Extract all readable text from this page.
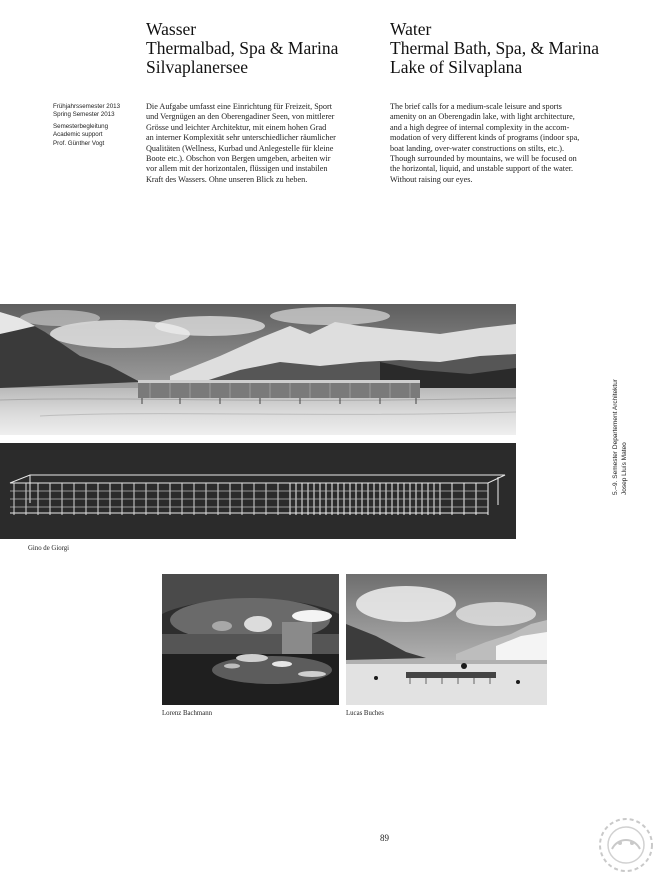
Wasser
Thermalbad, Spa & Marina
Silvaplanersee
Water
Thermal Bath, Spa, & Marina
Lake of Silvaplana
Frühjahrssemester 2013
Spring Semester 2013
Semesterbegleitung
Academic support
Prof. Günther Vogt
Die Aufgabe umfasst eine Einrichtung für Freizeit, Sport
und Vergnügen an den Oberengadiner Seen, von mittlerer
Grösse und leichter Architektur, mit einem hohen Grad
an interner Komplexität sehr unterschiedlicher räumlicher
Qualitäten (Wellness, Kurbad und Anlegestelle für kleine
Boote etc.). Obschon von Bergen umgeben, arbeiten wir
vor allem mit der horizontalen, flüssigen und instabilen
Kraft des Wassers. Ohne unseren Blick zu heben.
The brief calls for a medium-scale leisure and sports
amenity on an Oberengadin lake, with light architecture,
and a high degree of internal complexity in the accom-
modation of very different kinds of programs (indoor spa,
boat landing, over-water constructions on stilts, etc.).
Though surrounded by mountains, we will be focused on
the horizontal, liquid, and unstable support of the water.
Without raising our eyes.
Gino de Giorgi
Lorenz Bachmann	Lucas Buches
5.–9. Semester Departement Architektur Josep Lluís Mateo
89
